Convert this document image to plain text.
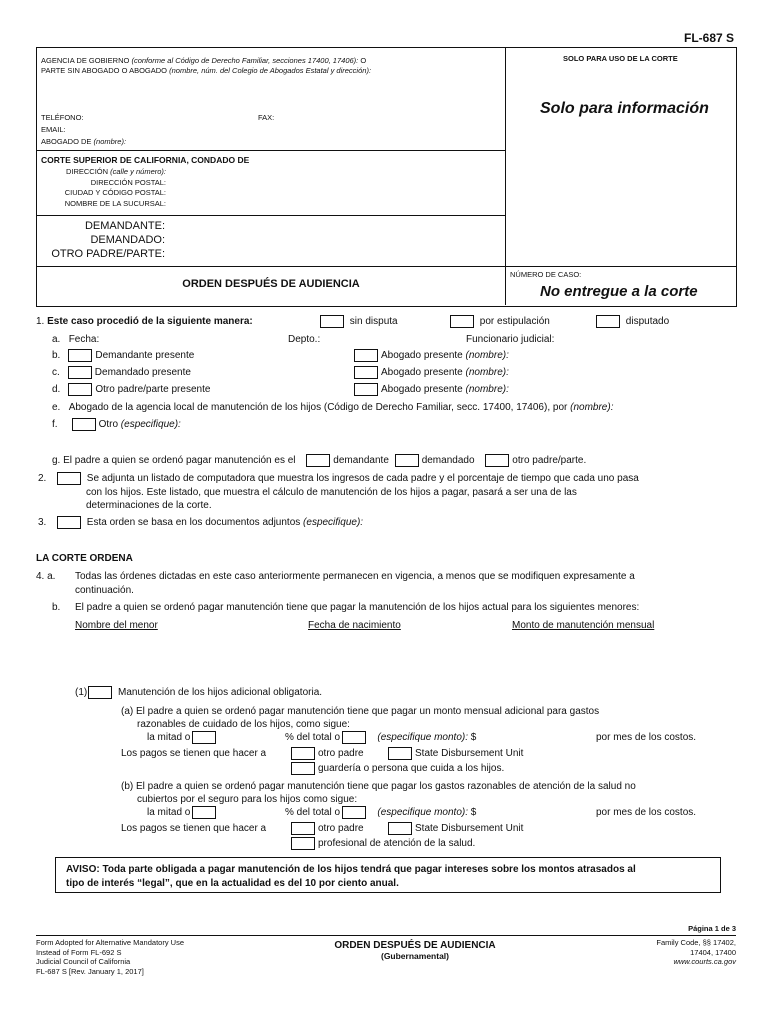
FL-687 S
AGENCIA DE GOBIERNO (conforme al Código de Derecho Familiar, secciones 17400, 17406): O
PARTE SIN ABOGADO O ABOGADO (nombre, núm. del Colegio de Abogados Estatal y dirección):
TELÉFONO:	FAX:
EMAIL:
ABOGADO DE (nombre):
SOLO PARA USO DE LA CORTE
Solo para información
CORTE SUPERIOR DE CALIFORNIA, CONDADO DE
DIRECCIÓN (calle y número):
DIRECCIÓN POSTAL:
CIUDAD Y CÓDIGO POSTAL:
NOMBRE DE LA SUCURSAL:
DEMANDANTE:
DEMANDADO:
OTRO PADRE/PARTE:
ORDEN DESPUÉS DE AUDIENCIA
NÚMERO DE CASO:
No entregue a la corte
1. Este caso procedió de la siguiente manera:	sin disputa	por estipulación	disputado
a. Fecha:	Depto.:	Funcionario judicial:
b.	Demandante presente	Abogado presente (nombre):
c.	Demandado presente	Abogado presente (nombre):
d.	Otro padre/parte presente	Abogado presente (nombre):
e. Abogado de la agencia local de manutención de los hijos (Código de Derecho Familiar, secc. 17400, 17406), por (nombre):
f.	Otro (especifique):
g. El padre a quien se ordenó pagar manutención es el	demandante	demandado	otro padre/parte.
2.	Se adjunta un listado de computadora que muestra los ingresos de cada padre y el porcentaje de tiempo que cada uno pasa
con los hijos. Este listado, que muestra el cálculo de manutención de los hijos a pagar, pasará a ser una de las
determinaciones de la corte.
3.	Esta orden se basa en los documentos adjuntos (especifique):
LA CORTE ORDENA
4. a. Todas las órdenes dictadas en este caso anteriormente permanecen en vigencia, a menos que se modifiquen expresamente a
continuación.
b. El padre a quien se ordenó pagar manutención tiene que pagar la manutención de los hijos actual para los siguientes menores:
Nombre del menor	Fecha de nacimiento	Monto de manutención mensual
(1)	Manutención de los hijos adicional obligatoria.
(a) El padre a quien se ordenó pagar manutención tiene que pagar un monto mensual adicional para gastos
razonables de cuidado de los hijos, como sigue:
la mitad o	% del total o	(especifique monto): $	por mes de los costos.
Los pagos se tienen que hacer a	otro padre	State Disbursement Unit
guardería o persona que cuida a los hijos.
(b) El padre a quien se ordenó pagar manutención tiene que pagar los gastos razonables de atención de la salud no
cubiertos por el seguro para los hijos como sigue:
la mitad o	% del total o	(especifique monto): $	por mes de los costos.
Los pagos se tienen que hacer a	otro padre	State Disbursement Unit
profesional de atención de la salud.
AVISO: Toda parte obligada a pagar manutención de los hijos tendrá que pagar intereses sobre los montos atrasados al
tipo de interés “legal”, que en la actualidad es del 10 por ciento anual.
Página 1 de 3
Form Adopted for Alternative Mandatory Use
Instead of Form FL-692 S
Judicial Council of California
FL-687 S [Rev. January 1, 2017]
ORDEN DESPUÉS DE AUDIENCIA
(Gubernamental)
Family Code, §§ 17402,
17404, 17400
www.courts.ca.gov
